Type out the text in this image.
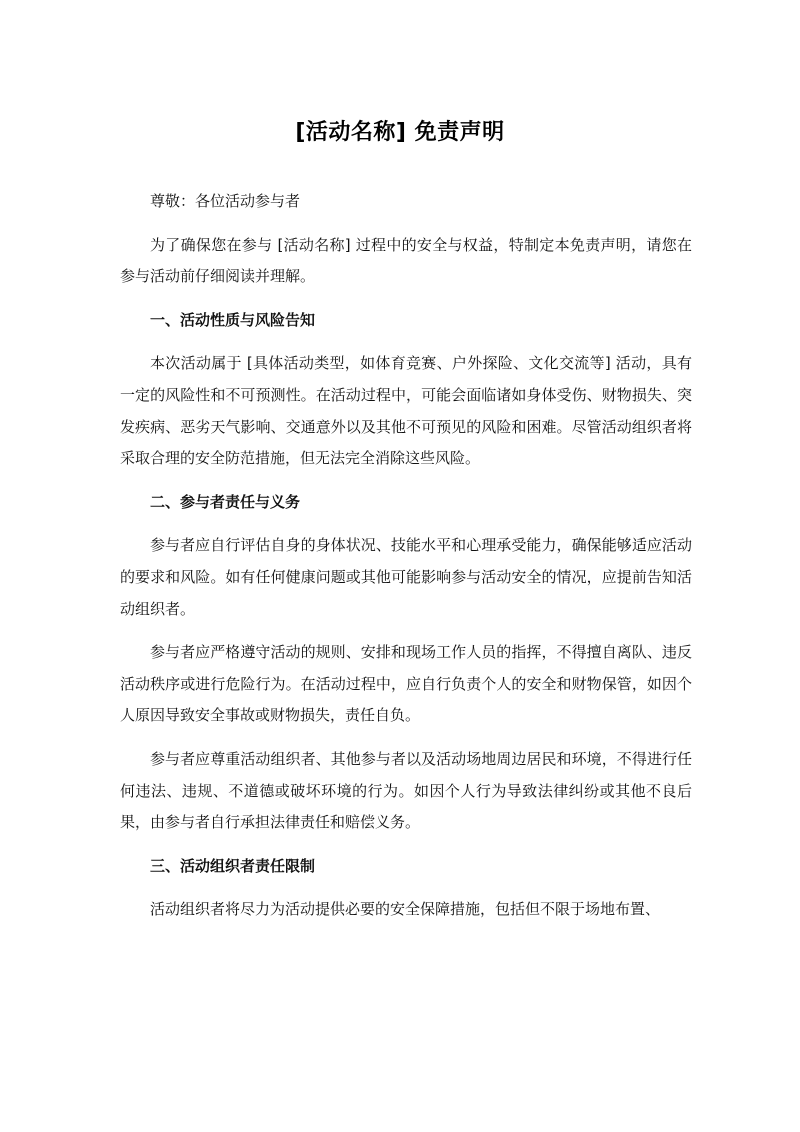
[活动名称] 免责声明

尊敬：各位活动参与者

为了确保您在参与 [活动名称] 过程中的安全与权益，特制定本免责声明，请您在参与活动前仔细阅读并理解。

一、活动性质与风险告知

本次活动属于 [具体活动类型，如体育竞赛、户外探险、文化交流等] 活动，具有一定的风险性和不可预测性。在活动过程中，可能会面临诸如身体受伤、财物损失、突发疾病、恶劣天气影响、交通意外以及其他不可预见的风险和困难。尽管活动组织者将采取合理的安全防范措施，但无法完全消除这些风险。

二、参与者责任与义务

参与者应自行评估自身的身体状况、技能水平和心理承受能力，确保能够适应活动的要求和风险。如有任何健康问题或其他可能影响参与活动安全的情况，应提前告知活动组织者。

参与者应严格遵守活动的规则、安排和现场工作人员的指挥，不得擅自离队、违反活动秩序或进行危险行为。在活动过程中，应自行负责个人的安全和财物保管，如因个人原因导致安全事故或财物损失，责任自负。

参与者应尊重活动组织者、其他参与者以及活动场地周边居民和环境，不得进行任何违法、违规、不道德或破坏环境的行为。如因个人行为导致法律纠纷或其他不良后果，由参与者自行承担法律责任和赔偿义务。

三、活动组织者责任限制

活动组织者将尽力为活动提供必要的安全保障措施，包括但不限于场地布置、
